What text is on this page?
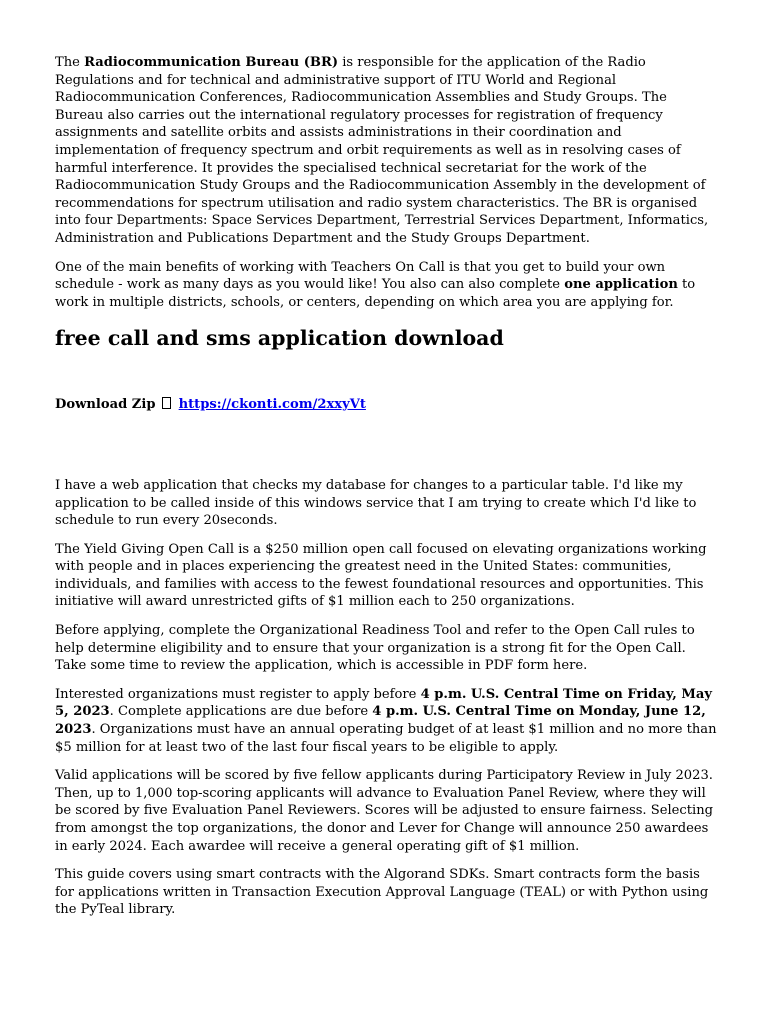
The Radiocommunication Bureau (BR) is responsible for the application of the Radio Regulations and for technical and administrative support of ITU World and Regional Radiocommunication Conferences, Radiocommunication Assemblies and Study Groups. The Bureau also carries out the international regulatory processes for registration of frequency assignments and satellite orbits and assists administrations in their coordination and implementation of frequency spectrum and orbit requirements as well as in resolving cases of harmful interference. It provides the specialised technical secretariat for the work of the Radiocommunication Study Groups and the Radiocommunication Assembly in the development of recommendations for spectrum utilisation and radio system characteristics. The BR is organised into four Departments: Space Services Department, Terrestrial Services Department, Informatics, Administration and Publications Department and the Study Groups Department.

One of the main benefits of working with Teachers On Call is that you get to build your own schedule - work as many days as you would like! You also can also complete one application to work in multiple districts, schools, or centers, depending on which area you are applying for.

free call and sms application download

Download Zip https://ckonti.com/2xxyVt

I have a web application that checks my database for changes to a particular table. I'd like my application to be called inside of this windows service that I am trying to create which I'd like to schedule to run every 20seconds.

The Yield Giving Open Call is a $250 million open call focused on elevating organizations working with people and in places experiencing the greatest need in the United States: communities, individuals, and families with access to the fewest foundational resources and opportunities. This initiative will award unrestricted gifts of $1 million each to 250 organizations.

Before applying, complete the Organizational Readiness Tool and refer to the Open Call rules to help determine eligibility and to ensure that your organization is a strong fit for the Open Call. Take some time to review the application, which is accessible in PDF form here.

Interested organizations must register to apply before 4 p.m. U.S. Central Time on Friday, May 5, 2023. Complete applications are due before 4 p.m. U.S. Central Time on Monday, June 12, 2023. Organizations must have an annual operating budget of at least $1 million and no more than $5 million for at least two of the last four fiscal years to be eligible to apply.

Valid applications will be scored by five fellow applicants during Participatory Review in July 2023. Then, up to 1,000 top-scoring applicants will advance to Evaluation Panel Review, where they will be scored by five Evaluation Panel Reviewers. Scores will be adjusted to ensure fairness. Selecting from amongst the top organizations, the donor and Lever for Change will announce 250 awardees in early 2024. Each awardee will receive a general operating gift of $1 million.

This guide covers using smart contracts with the Algorand SDKs. Smart contracts form the basis for applications written in Transaction Execution Approval Language (TEAL) or with Python using the PyTeal library.
